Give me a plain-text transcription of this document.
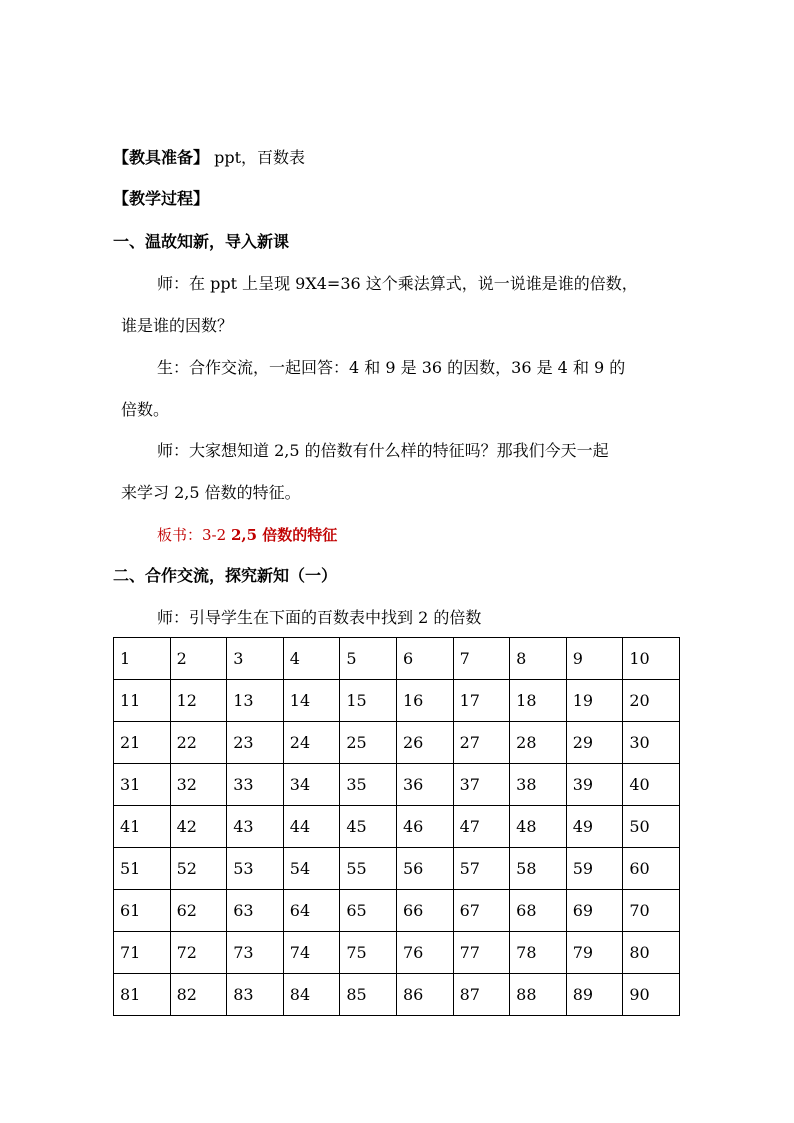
【教具准备】 ppt，百数表
【教学过程】
一、温故知新，导入新课
师：在 ppt 上呈现 9X4=36 这个乘法算式，说一说谁是谁的倍数，
谁是谁的因数？
生：合作交流，一起回答：4 和 9 是 36 的因数，36 是 4 和 9 的
倍数。
师：大家想知道 2,5 的倍数有什么样的特征吗？那我们今天一起
来学习 2,5 倍数的特征。
板书：3-2 2,5 倍数的特征
二、合作交流，探究新知（一）
师：引导学生在下面的百数表中找到 2 的倍数
1	2	3	4	5	6	7	8	9	10
11	12	13	14	15	16	17	18	19	20
21	22	23	24	25	26	27	28	29	30
31	32	33	34	35	36	37	38	39	40
41	42	43	44	45	46	47	48	49	50
51	52	53	54	55	56	57	58	59	60
61	62	63	64	65	66	67	68	69	70
71	72	73	74	75	76	77	78	79	80
81	82	83	84	85	86	87	88	89	90
